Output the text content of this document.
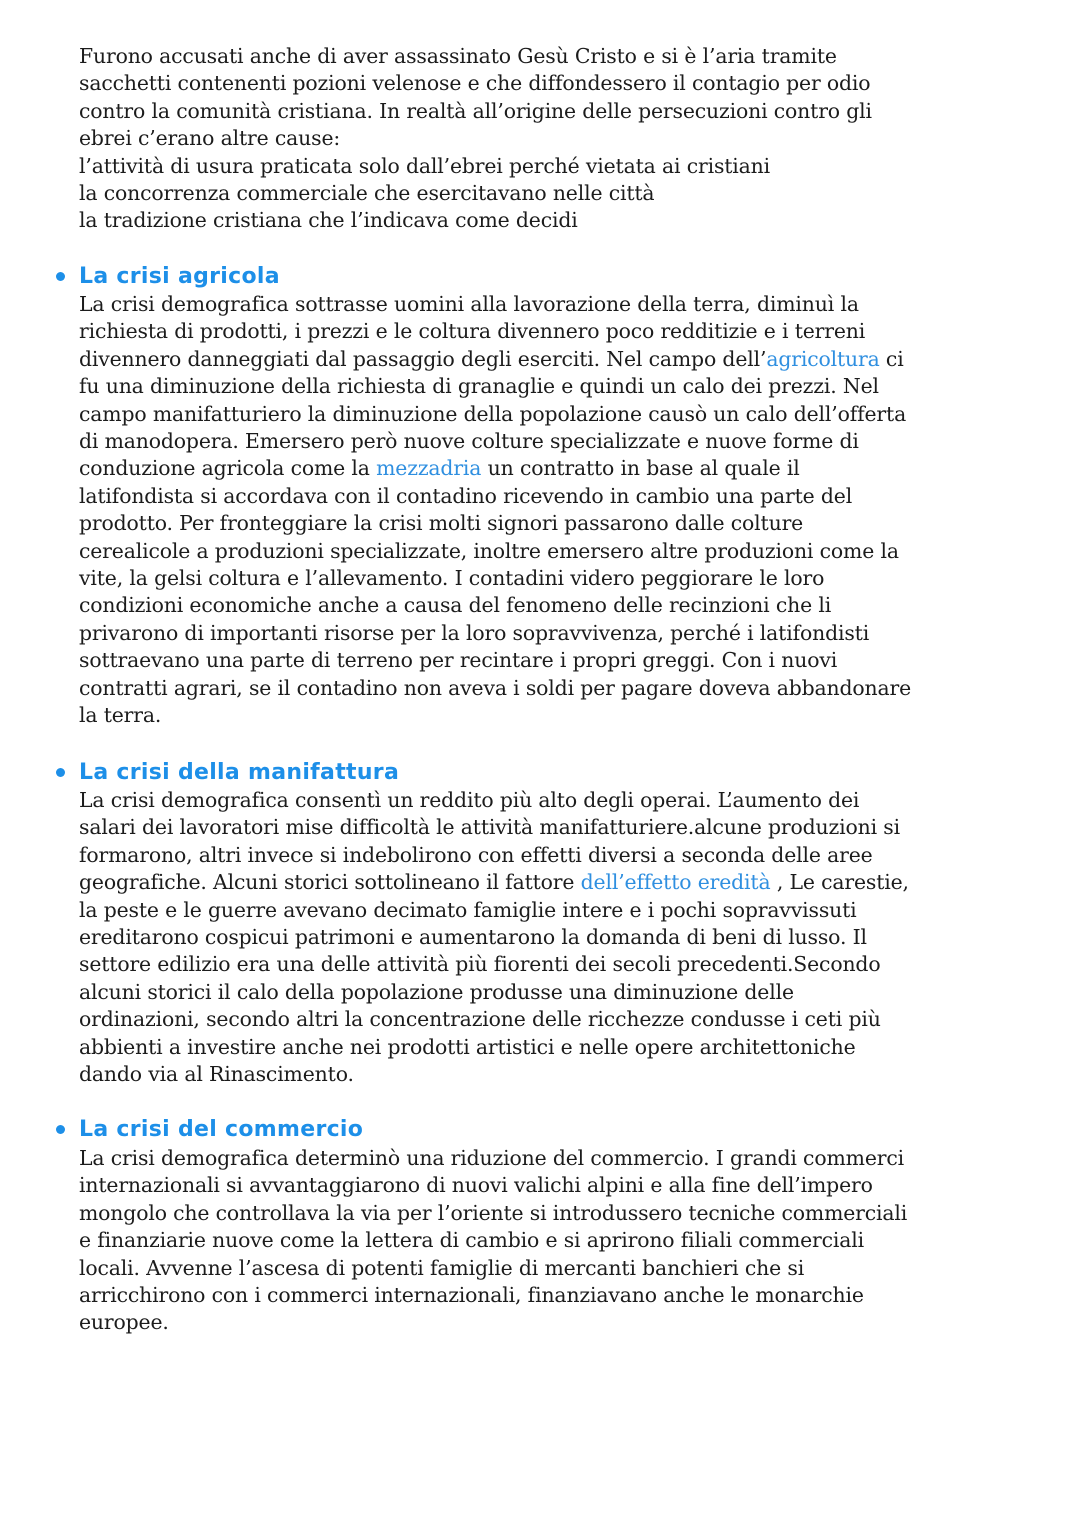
Furono accusati anche di aver assassinato Gesù Cristo e si è l’aria tramite
sacchetti contenenti pozioni velenose e che diffondessero il contagio per odio
contro la comunità cristiana. In realtà all’origine delle persecuzioni contro gli
ebrei c’erano altre cause:
l’attività di usura praticata solo dall’ebrei perché vietata ai cristiani
la concorrenza commerciale che esercitavano nelle città
la tradizione cristiana che l’indicava come decidi
La crisi agricola
La crisi demografica sottrasse uomini alla lavorazione della terra, diminuì la
richiesta di prodotti, i prezzi e le coltura divennero poco redditizie e i terreni
divennero danneggiati dal passaggio degli eserciti. Nel campo dell’agricoltura ci
fu una diminuzione della richiesta di granaglie e quindi un calo dei prezzi. Nel
campo manifatturiero la diminuzione della popolazione causò un calo dell’offerta
di manodopera. Emersero però nuove colture specializzate e nuove forme di
conduzione agricola come la mezzadria un contratto in base al quale il
latifondista si accordava con il contadino ricevendo in cambio una parte del
prodotto. Per fronteggiare la crisi molti signori passarono dalle colture
cerealicole a produzioni specializzate, inoltre emersero altre produzioni come la
vite, la gelsi coltura e l’allevamento. I contadini videro peggiorare le loro
condizioni economiche anche a causa del fenomeno delle recinzioni che li
privarono di importanti risorse per la loro sopravvivenza, perché i latifondisti
sottraevano una parte di terreno per recintare i propri greggi. Con i nuovi
contratti agrari, se il contadino non aveva i soldi per pagare doveva abbandonare
la terra.
La crisi della manifattura
La crisi demografica consentì un reddito più alto degli operai. L’aumento dei
salari dei lavoratori mise difficoltà le attività manifatturiere.alcune produzioni si
formarono, altri invece si indebolirono con effetti diversi a seconda delle aree
geografiche. Alcuni storici sottolineano il fattore dell’effetto eredità , Le carestie,
la peste e le guerre avevano decimato famiglie intere e i pochi sopravvissuti
ereditarono cospicui patrimoni e aumentarono la domanda di beni di lusso. Il
settore edilizio era una delle attività più fiorenti dei secoli precedenti.Secondo
alcuni storici il calo della popolazione produsse una diminuzione delle
ordinazioni, secondo altri la concentrazione delle ricchezze condusse i ceti più
abbienti a investire anche nei prodotti artistici e nelle opere architettoniche
dando via al Rinascimento.
La crisi del commercio
La crisi demografica determinò una riduzione del commercio. I grandi commerci
internazionali si avvantaggiarono di nuovi valichi alpini e alla fine dell’impero
mongolo che controllava la via per l’oriente si introdussero tecniche commerciali
e finanziarie nuove come la lettera di cambio e si aprirono filiali commerciali
locali. Avvenne l’ascesa di potenti famiglie di mercanti banchieri che si
arricchirono con i commerci internazionali, finanziavano anche le monarchie
europee.
